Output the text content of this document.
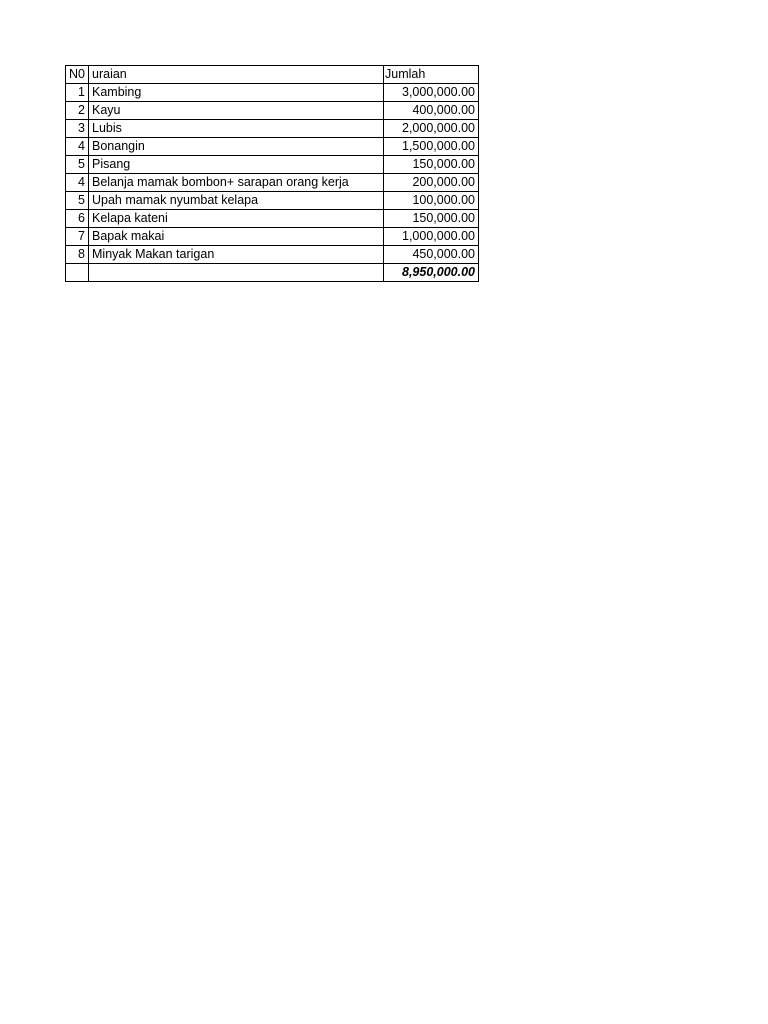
N0	uraian	Jumlah
1	Kambing	3,000,000.00
2	Kayu	400,000.00
3	Lubis	2,000,000.00
4	Bonangin	1,500,000.00
5	Pisang	150,000.00
4	Belanja mamak bombon+ sarapan orang kerja	200,000.00
5	Upah mamak nyumbat kelapa	100,000.00
6	Kelapa kateni	150,000.00
7	Bapak makai	1,000,000.00
8	Minyak Makan tarigan	450,000.00
		8,950,000.00
